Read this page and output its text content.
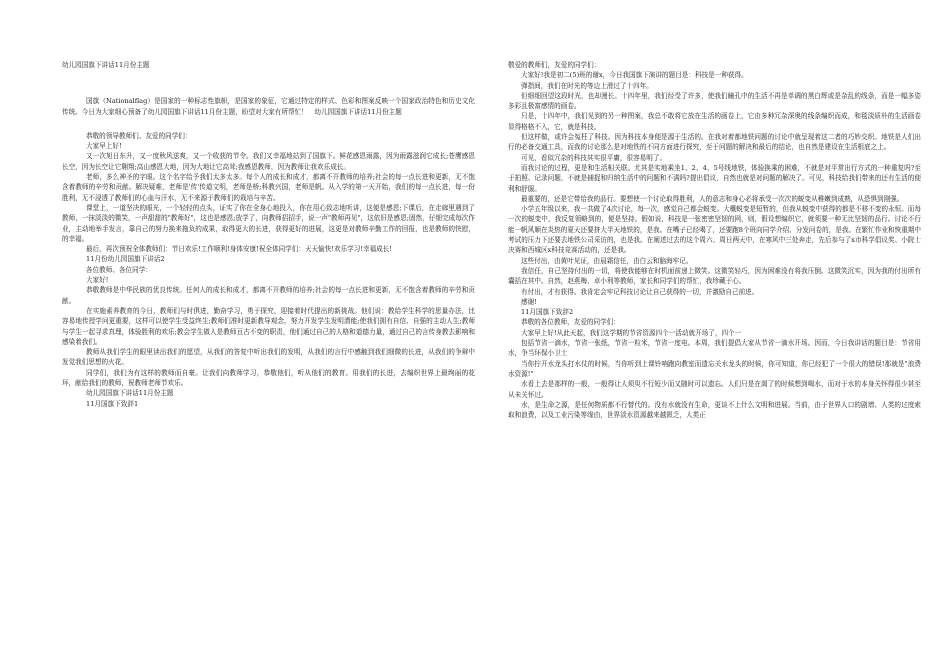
幼儿园国旗下讲话11月份主题

国旗（Nationalflag）是国家的一种标志性旗帜，是国家的象征，它通过特定的样式、色彩和图案反映一个国家政治特色和历史文化传统。今日为大家细心预备了幼儿园国旗下讲话11月份主题，盼望对大家有所帮忙！　幼儿园国旗下讲话11月份主题

恭敬的领导教师们、友爱的同学们：

大家早上好!

又一次旭日东升，又一度秋风送爽，又一个收获的节令。我们又幸福地站到了国旗下。鲜花感恩雨露，因为雨露滋润它成长;苍鹰感恩长空，因为长空让它翱翔;高山感恩大地，因为大地让它高耸;我感恩教师，因为教师让我欢乐成长。

老师，多么神圣的字眼。这个名字给予我们太多太多。每个人的成长和成才，都离不开教师的培养;社会的每一点长进和更新，无不饱含着教师的辛劳和贡献。解决疑难，老师是'传'传道文明，老师是桥;科教兴国，老师是帆。从入学的第一天开始，我们的每一点长进，每一份胜利，无不浸透了教师们的心血与汗水，无不来源于教师们的栽培与辛苦。

课堂上，一道坚决的眼光，一个轻轻的点头，证实了你在全身心地投入，你在用心致志地听讲，这便是感恩;下课后，在走廊里遇到了教师，一抹淡淡的微笑，一声甜甜的"教师好"，这也是感恩;放学了，向教师招招手，说一声"教师再见"，这依旧是感恩;固然，仔细完成每次作业，主动地举手发言，靠自己的努力换来拖负的成果，取得更大的长进，获得更好的进展，这更是对教师辛勤工作的回报，也是教师的快慰，的幸福。

最后，再次预祝全体教师们：节日欢乐!工作顺利!身体安康!祝全体同学们：天天愉快!欢乐学习!幸福成长!

11月份幼儿园国旗下讲话2

各位教师、各位同学：

大家好!

恭敬教师是中华民族的优良传统。任何人的成长和成才，都离不开教师的培养;社会的每一点长进和更新，无不饱含着教师的辛劳和贡献。

在实施素养教育的今日，教师们与时俱进，勤奋学习，勇于探究，迎接着时代提出的新挑战。他们说：教给学生科学的思量办法，比容易地传授学问更重要，这样可以使学生受益终生;教师们准时更新教导观念，努力开发学生发明潜能;使我们拥有自信、自强的主动人生;教师与学生一起寻求真理，体验胜利的欢乐;教会学生做人是教师亘古不变的职责，他们通过自己的人格和道德力量，通过自己的言传身教去影响和感染着我们。

教师从我们学生的眼里读出我们的愿望，从我们的答复中听出我们的发明，从我们的言行中感触到我们细微的长进，从我们的争辩中发觉我们思想的火花。

同学们，我们为有这样的教师而自豪。让我们向教师学习，恭敬他们，听从他们的教育。用我们的长进，去编织世界上最绚丽的花环，献给我们的教师，祝教师老师节欢乐。

幼儿园国旗下讲话11月份主题

11月国旗下致辞1

敬爱的教师们，友爱的同学们：

大家好!我是初二(5)班的谢x，今日我国旗下演讲的题目是：科技是一种获得。

弹指间，我们在时光的等边上滑过了十四年。

但细细回望这段时光，也却漫长。十四年里，我们经受了许多，使我们瞳孔中的生活不再是单调的黑白辉或是杂乱的线条，而是一幅多姿多彩且极富感情的画卷。

只是，十四年中，我们见到的另一种图案，我总不敢将它放在生活的画卷上，它由多种冗杂深奥的线条编织而成，和毯淡质朴的生活画卷显得格格不入，它，就是科技。

但这样做，或许会冤枉了科技。因为科技本身便是源于生活的。在我对着都地铁问题的讨论中就呈现着这二者的巧妙交织。地铁是人们出行的必备交通工具，而我的讨论那么是对地铁的不同方面进行探究，至于问题的解决和最后的结论，也自然是建设在生活根底之上。

可见，看似冗杂的科技其实很平庸，很容易明了。

而我讨论的过程，更是和生活相关联。尤其是实地乘坐1、2、4、5号线地铁，体验换乘的困难，不就是对平常出行方式的一种重复吗?至于拍照、记录问题，不就是捕捉和归纳生活中的问题和不满吗?提出倡议，自然也就是对问题的解决了。可见，科技给我们带来的还有生活的便利和舒服。

最重要的，还是它带给我的品行。要想使一个讨论取得胜利，人的意志和身心必将承受一次次的蜕变从稚嫩到成熟，从恐惧到刚强。

小学五年级以来，我一共做了4次讨论，每一次，感觉自己都会蜕变。大概蜕变是短暂的，但我从蜕变中获得的都是不移不变的永恒。而每一次的蜕变中，我反复领略到的，便是坚持。假如说，科技是一张密密坚韧的网，则，假设想编织它，就须要一种无比坚韧的品行。讨论不行能一帆风顺在炎热的夏天还要挤大半天地铁的，是我。在嘴子已经喝了，还要跑8个班向同学介绍、分发问卷的，是我。在繁忙作业和恢重期中考试的压力下还要去地铁公司采访的，也是我。在阐述过去的这个周六、周日两天中，在寒风中三处奔走，先后参与了x市科学倡议奖、小院士决赛和西城区x科技竞赛活动的，还是我。

这些付出，由黄叶见证，由晨霜信任，由白云和脑海牢记。

我信任，自己坚持付出的一切，将使我能够在时机面前递上微笑。这微笑轻巧，因为困难没有将我压倒。这微笑沉实，因为我的付出所有囊括在其中。自然，赵燕梅、卓小利等教师，家长和同学们的帮忙，我珍藏于心。

有付出，才有获得。我肯定会牢记科技讨论让自己获得的一切，并激励自己前进。

感谢!

11月国旗下致辞2

恭敬的各位教师，友爱的同学们：

大家早上好!从此天起，我们这学期的节省资源四个一活动就开场了，四个一

包括节省一滴水，节省一张纸，节省一粒米，节省一度电。本周，我们提倡大家从节省一滴水开场。因而，今日我讲话的题目是：节省用水，争当环保小卫士

当你拧开水龙头打水仗的时候，当你听到上课铃响跑向教室而遗忘关水龙头的时候，你可知道，你已经犯了一个很大的错误!那就是"浪费水资源!"

水看上去是那样的一般，一般得让人须臾不行短少而又随时可以遗忘。人们只是在渴了的时候想到喝水，而对于水的本身关怀得很少甚至从未关怀过。

水，是生命之源，是任何物质都不行替代的。没有水就没有生命，更谈不上什么文明和进展。当前，由于世界人口的剧增、人类的过度索取和浪费，以及工业污染等缘由，世界淡水资源越来越匮乏，人类正
